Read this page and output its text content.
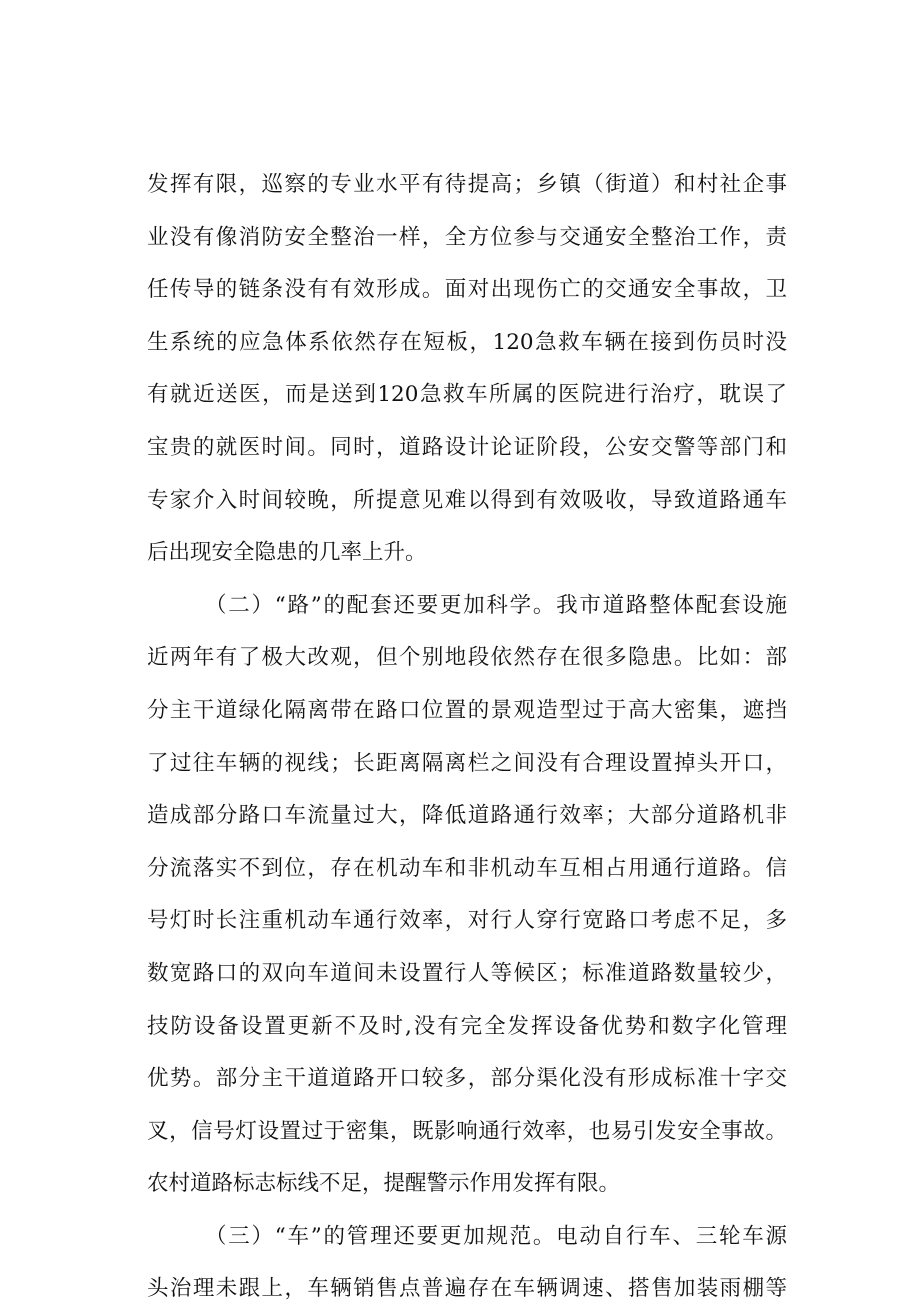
发挥有限，巡察的专业水平有待提高；乡镇（街道）和村社企事
业没有像消防安全整治一样，全方位参与交通安全整治工作，责
任传导的链条没有有效形成。面对出现伤亡的交通安全事故，卫
生系统的应急体系依然存在短板，120急救车辆在接到伤员时没
有就近送医，而是送到120急救车所属的医院进行治疗，耽误了
宝贵的就医时间。同时，道路设计论证阶段，公安交警等部门和
专家介入时间较晚，所提意见难以得到有效吸收，导致道路通车
后出现安全隐患的几率上升。
（二）“路”的配套还要更加科学。我市道路整体配套设施
近两年有了极大改观，但个别地段依然存在很多隐患。比如：部
分主干道绿化隔离带在路口位置的景观造型过于高大密集，遮挡
了过往车辆的视线；长距离隔离栏之间没有合理设置掉头开口，
造成部分路口车流量过大，降低道路通行效率；大部分道路机非
分流落实不到位，存在机动车和非机动车互相占用通行道路。信
号灯时长注重机动车通行效率，对行人穿行宽路口考虑不足，多
数宽路口的双向车道间未设置行人等候区；标准道路数量较少，
技防设备设置更新不及时,没有完全发挥设备优势和数字化管理
优势。部分主干道道路开口较多，部分渠化没有形成标准十字交
叉，信号灯设置过于密集，既影响通行效率，也易引发安全事故。
农村道路标志标线不足，提醒警示作用发挥有限。
（三）“车”的管理还要更加规范。电动自行车、三轮车源
头治理未跟上，车辆销售点普遍存在车辆调速、搭售加装雨棚等
